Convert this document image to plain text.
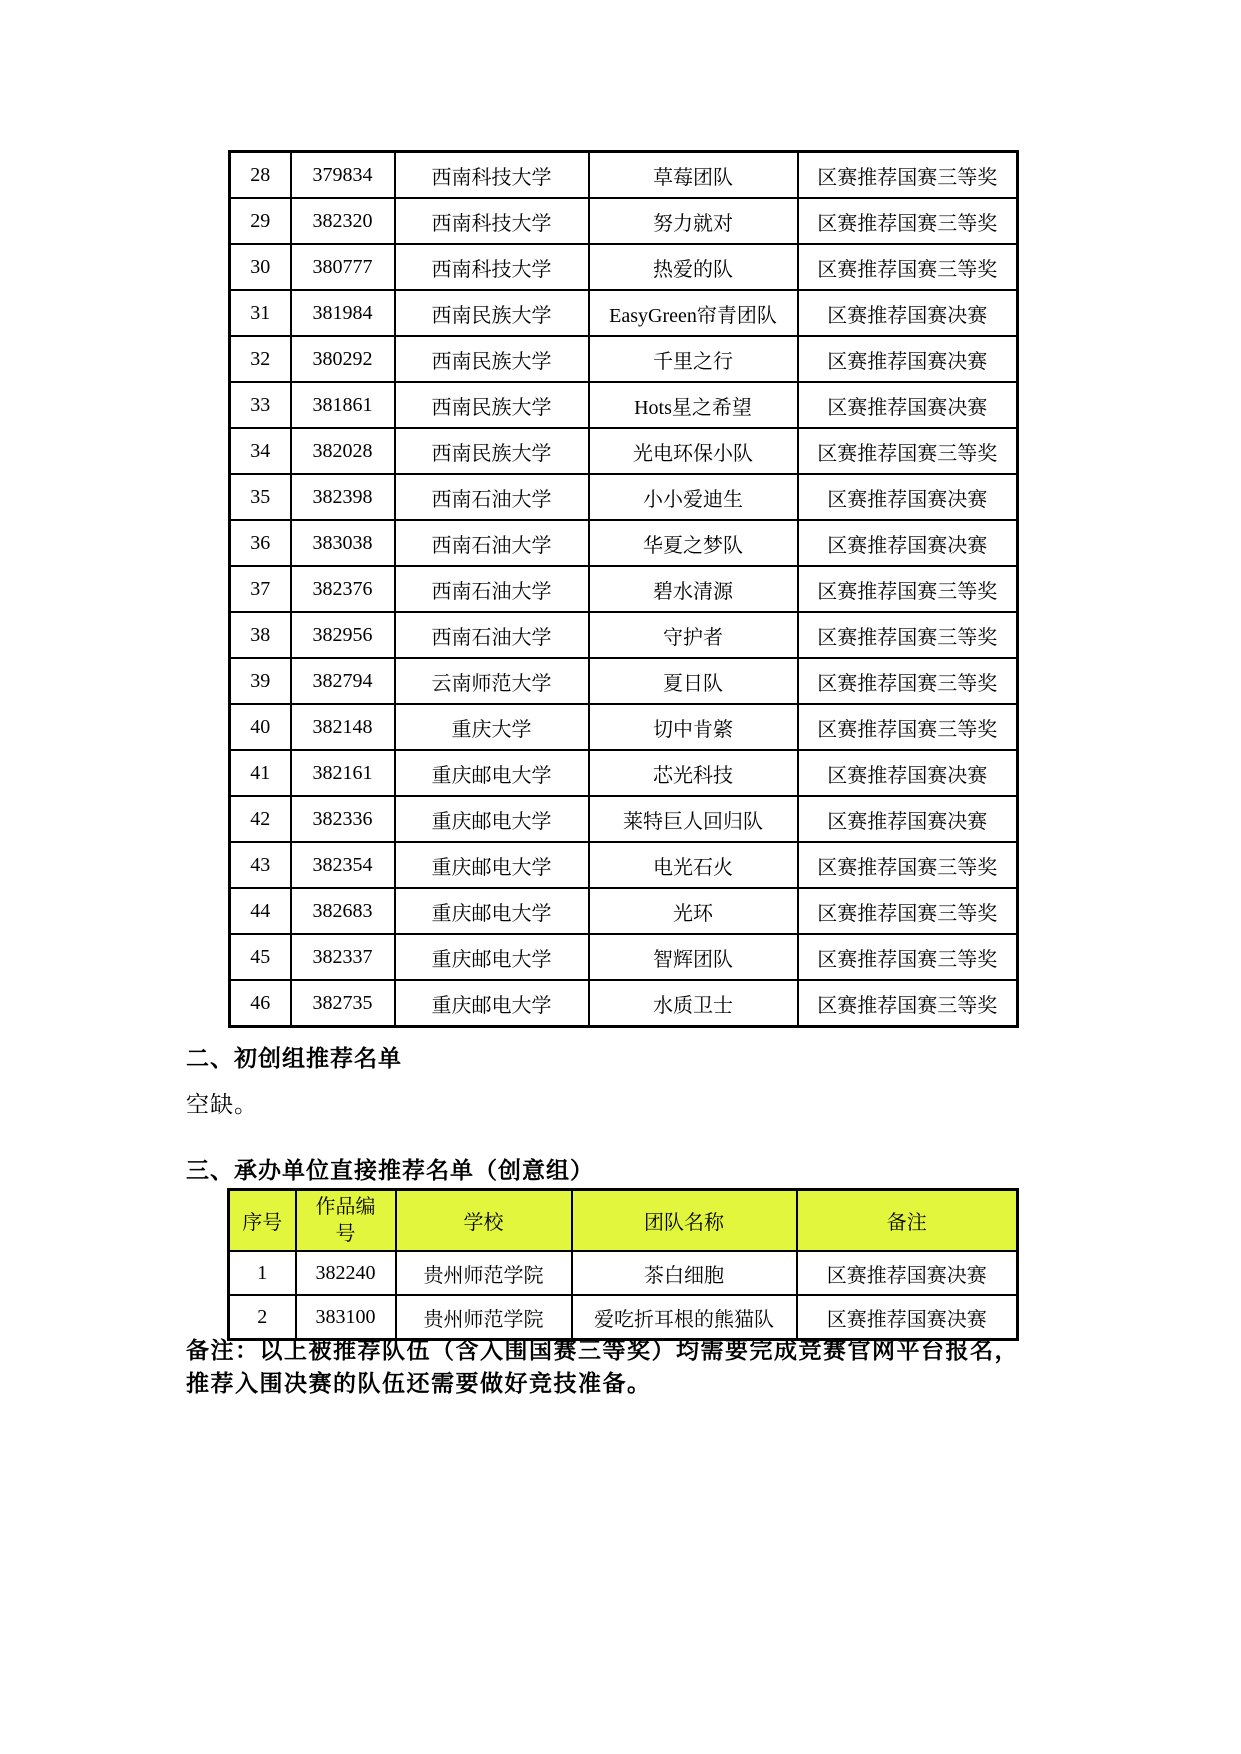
28	379834	西南科技大学	草莓团队	区赛推荐国赛三等奖
29	382320	西南科技大学	努力就对	区赛推荐国赛三等奖
30	380777	西南科技大学	热爱的队	区赛推荐国赛三等奖
31	381984	西南民族大学	EasyGreen帘青团队	区赛推荐国赛决赛
32	380292	西南民族大学	千里之行	区赛推荐国赛决赛
33	381861	西南民族大学	Hots星之希望	区赛推荐国赛决赛
34	382028	西南民族大学	光电环保小队	区赛推荐国赛三等奖
35	382398	西南石油大学	小小爱迪生	区赛推荐国赛决赛
36	383038	西南石油大学	华夏之梦队	区赛推荐国赛决赛
37	382376	西南石油大学	碧水清源	区赛推荐国赛三等奖
38	382956	西南石油大学	守护者	区赛推荐国赛三等奖
39	382794	云南师范大学	夏日队	区赛推荐国赛三等奖
40	382148	重庆大学	切中肯綮	区赛推荐国赛三等奖
41	382161	重庆邮电大学	芯光科技	区赛推荐国赛决赛
42	382336	重庆邮电大学	莱特巨人回归队	区赛推荐国赛决赛
43	382354	重庆邮电大学	电光石火	区赛推荐国赛三等奖
44	382683	重庆邮电大学	光环	区赛推荐国赛三等奖
45	382337	重庆邮电大学	智辉团队	区赛推荐国赛三等奖
46	382735	重庆邮电大学	水质卫士	区赛推荐国赛三等奖
二、初创组推荐名单
空缺。
三、承办单位直接推荐名单（创意组）
序号	作品编号	学校	团队名称	备注
1	382240	贵州师范学院	茶白细胞	区赛推荐国赛决赛
2	383100	贵州师范学院	爱吃折耳根的熊猫队	区赛推荐国赛决赛
备注：以上被推荐队伍（含入围国赛三等奖）均需要完成竞赛官网平台报名，
推荐入围决赛的队伍还需要做好竞技准备。
